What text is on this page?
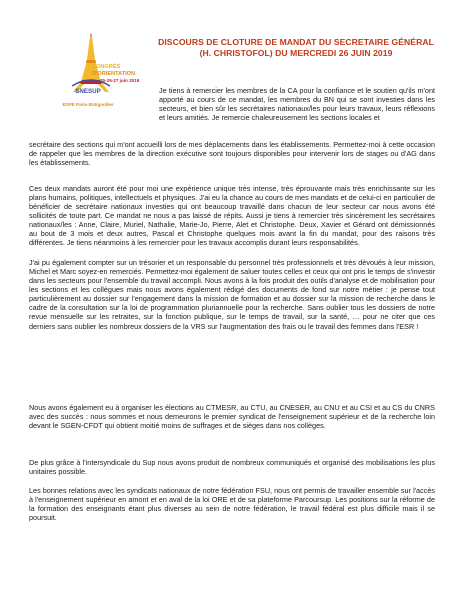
CONGRÈS
D'ORIENTATION
25-26-27 juin 2019
SNESUP
ESPE Paris-Batignolles
DISCOURS DE CLOTURE DE MANDAT DU SECRETAIRE GÉNÉRAL (H. CHRISTOFOL) DU MERCREDI 26 JUIN 2019
Je tiens à remercier les membres de la CA pour la confiance et le soutien qu'ils m'ont apporté au cours de ce mandat, les membres du BN qui se sont investies dans les secteurs, et bien sûr les secrétaires nationaux/les pour leurs travaux, leurs réflexions et leurs amitiés. Je remercie chaleureusement les sections locales et
secrétaire des sections qui m'ont accueilli lors de mes déplacements dans les établissements. Permettez-moi à cette occasion de rappeler que les membres de la direction exécutive sont toujours disponibles pour intervenir lors de stages ou d'AG dans les établissements.
Ces deux mandats auront été pour moi une expérience unique très intense, très éprouvante mais très enrichissante sur les plans humains, politiques, intellectuels et physiques. J'ai eu la chance au cours de mes mandats et de celui-ci en particulier de bénéficier de secrétaire nationaux investies qui ont beaucoup travaillé dans chacun de leur secteur car nous avons été sollicités de toute part. Ce mandat ne nous a pas laissé de répits. Aussi je tiens à remercier très sincèrement les secrétaires nationaux/les : Anne, Claire, Muriel, Nathalie, Marie-Jo, Pierre, Alet et Christophe. Deux, Xavier et Gérard ont démissionnés au bout de 3 mois et deux autres, Pascal et Christophe quelques mois avant la fin du mandat, pour des raisons très différentes. Je tiens néanmoins à les remercier pour les travaux accomplis durant leurs responsabilités.
J'ai pu également compter sur un trésorier et un responsable du personnel très professionnels et très dévoués à leur mission, Michel et Marc soyez-en remerciés. Permettez-moi également de saluer toutes celles et ceux qui ont pris le temps de s'investir dans les secteurs pour l'ensemble du travail accompli. Nous avons à la fois produit des outils d'analyse et de mobilisation pour les sections et les collègues mais nous avons également rédigé des documents de fond sur notre métier : je pense tout particulièrement au dossier sur l'engagement dans la mission de formation et au dossier sur la mission de recherche dans le cadre de la consultation sur la loi de programmation pluriannuelle pour la recherche. Sans oublier tous les dossiers de notre revue mensuelle sur les retraites, sur la fonction publique, sur le temps de travail, sur la santé, … pour ne citer que ces derniers sans oublier les nombreux dossiers de la VRS sur l'augmentation des frais ou le travail des femmes dans l'ESR !
Nous avons également eu à organiser les élections au CTMESR, au CTU, au CNESER, au CNU et au CSI et au CS du CNRS avec des succès : nous sommes et nous demeurons le premier syndicat de l'enseignement supérieur et de la recherche loin devant le SGEN-CFDT qui obtient moitié moins de suffrages et de sièges dans nos collèges.
De plus grâce à l'intersyndicale du Sup nous avons produit de nombreux communiqués et organisé des mobilisations les plus unitaires possible.
Les bonnes relations avec les syndicats nationaux de notre fédération FSU, nous ont permis de travailler ensemble sur l'accès à l'enseignement supérieur en amont et en aval de la loi ORE et de sa plateforme Parcoursup. Les positions sur la réforme de la formation des enseignants étant plus diverses au sein de notre fédération, le travail fédéral est plus difficile mais il se poursuit.
